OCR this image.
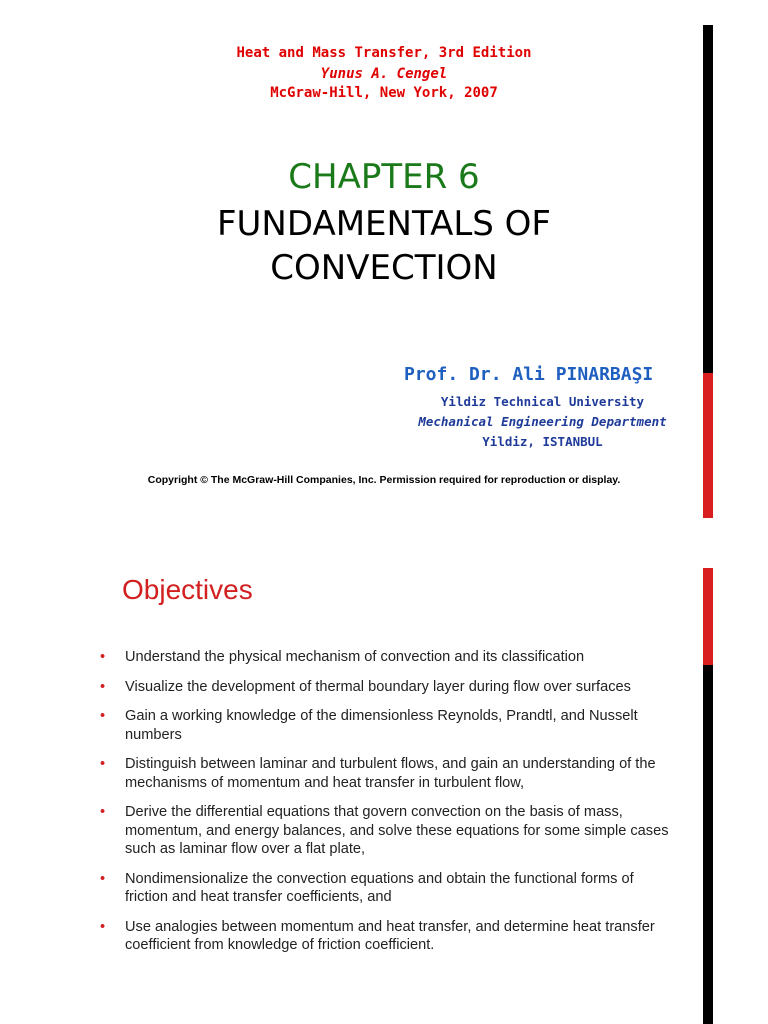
Heat and Mass Transfer, 3rd Edition
Yunus A. Cengel
McGraw-Hill, New York, 2007
CHAPTER 6
FUNDAMENTALS OF
CONVECTION
Prof. Dr. Ali PINARBAŞI
Yildiz Technical University
Mechanical Engineering Department
Yildiz, ISTANBUL
Copyright © The McGraw-Hill Companies, Inc. Permission required for reproduction or display.
Objectives
• Understand the physical mechanism of convection and its classification
• Visualize the development of thermal boundary layer during flow over surfaces
• Gain a working knowledge of the dimensionless Reynolds, Prandtl, and Nusselt numbers
• Distinguish between laminar and turbulent flows, and gain an understanding of the mechanisms of momentum and heat transfer in turbulent flow,
• Derive the differential equations that govern convection on the basis of mass, momentum, and energy balances, and solve these equations for some simple cases such as laminar flow over a flat plate,
• Nondimensionalize the convection equations and obtain the functional forms of friction and heat transfer coefficients, and
• Use analogies between momentum and heat transfer, and determine heat transfer coefficient from knowledge of friction coefficient.
